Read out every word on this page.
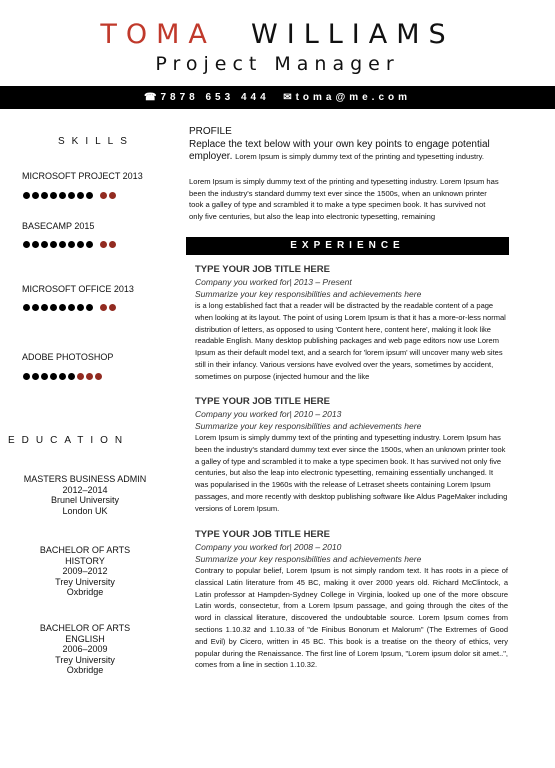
TOMA WILLIAMS
Project Manager
☎7878 653 444 ✉toma@me.com
SKILLS
MICROSOFT PROJECT 2013
BASECAMP 2015
MICROSOFT OFFICE 2013
ADOBE PHOTOSHOP
EDUCATION
MASTERS BUSINESS ADMIN
2012–2014
Brunel University
London UK
BACHELOR OF ARTS
HISTORY
2009–2012
Trey University
Oxbridge
BACHELOR OF ARTS
ENGLISH
2006–2009
Trey University
Oxbridge
PROFILE
Replace the text below with your own key points to engage potential employer. Lorem Ipsum is simply dummy text of the printing and typesetting industry.
Lorem Ipsum is simply dummy text of the printing and typesetting industry. Lorem Ipsum has been the industry's standard dummy text ever since the 1500s, when an unknown printer took a galley of type and scrambled it to make a type specimen book. It has survived not only five centuries, but also the leap into electronic typesetting, remaining
EXPERIENCE
TYPE YOUR JOB TITLE HERE
Company you worked for| 2013 – Present
Summarize your key responsibilities and achievements here
is a long established fact that a reader will be distracted by the readable content of a page when looking at its layout. The point of using Lorem Ipsum is that it has a more-or-less normal distribution of letters, as opposed to using 'Content here, content here', making it look like readable English. Many desktop publishing packages and web page editors now use Lorem Ipsum as their default model text, and a search for 'lorem ipsum' will uncover many web sites still in their infancy. Various versions have evolved over the years, sometimes by accident, sometimes on purpose (injected humour and the like
TYPE YOUR JOB TITLE HERE
Company you worked for| 2010 – 2013
Summarize your key responsibilities and achievements here
Lorem Ipsum is simply dummy text of the printing and typesetting industry. Lorem Ipsum has been the industry's standard dummy text ever since the 1500s, when an unknown printer took a galley of type and scrambled it to make a type specimen book. It has survived not only five centuries, but also the leap into electronic typesetting, remaining essentially unchanged. It was popularised in the 1960s with the release of Letraset sheets containing Lorem Ipsum passages, and more recently with desktop publishing software like Aldus PageMaker including versions of Lorem Ipsum.
TYPE YOUR JOB TITLE HERE
Company you worked for| 2008 – 2010
Summarize your key responsibilities and achievements here
Contrary to popular belief, Lorem Ipsum is not simply random text. It has roots in a piece of classical Latin literature from 45 BC, making it over 2000 years old. Richard McClintock, a Latin professor at Hampden-Sydney College in Virginia, looked up one of the more obscure Latin words, consectetur, from a Lorem Ipsum passage, and going through the cites of the word in classical literature, discovered the undoubtable source. Lorem Ipsum comes from sections 1.10.32 and 1.10.33 of "de Finibus Bonorum et Malorum" (The Extremes of Good and Evil) by Cicero, written in 45 BC. This book is a treatise on the theory of ethics, very popular during the Renaissance. The first line of Lorem Ipsum, "Lorem ipsum dolor sit amet..", comes from a line in section 1.10.32.
